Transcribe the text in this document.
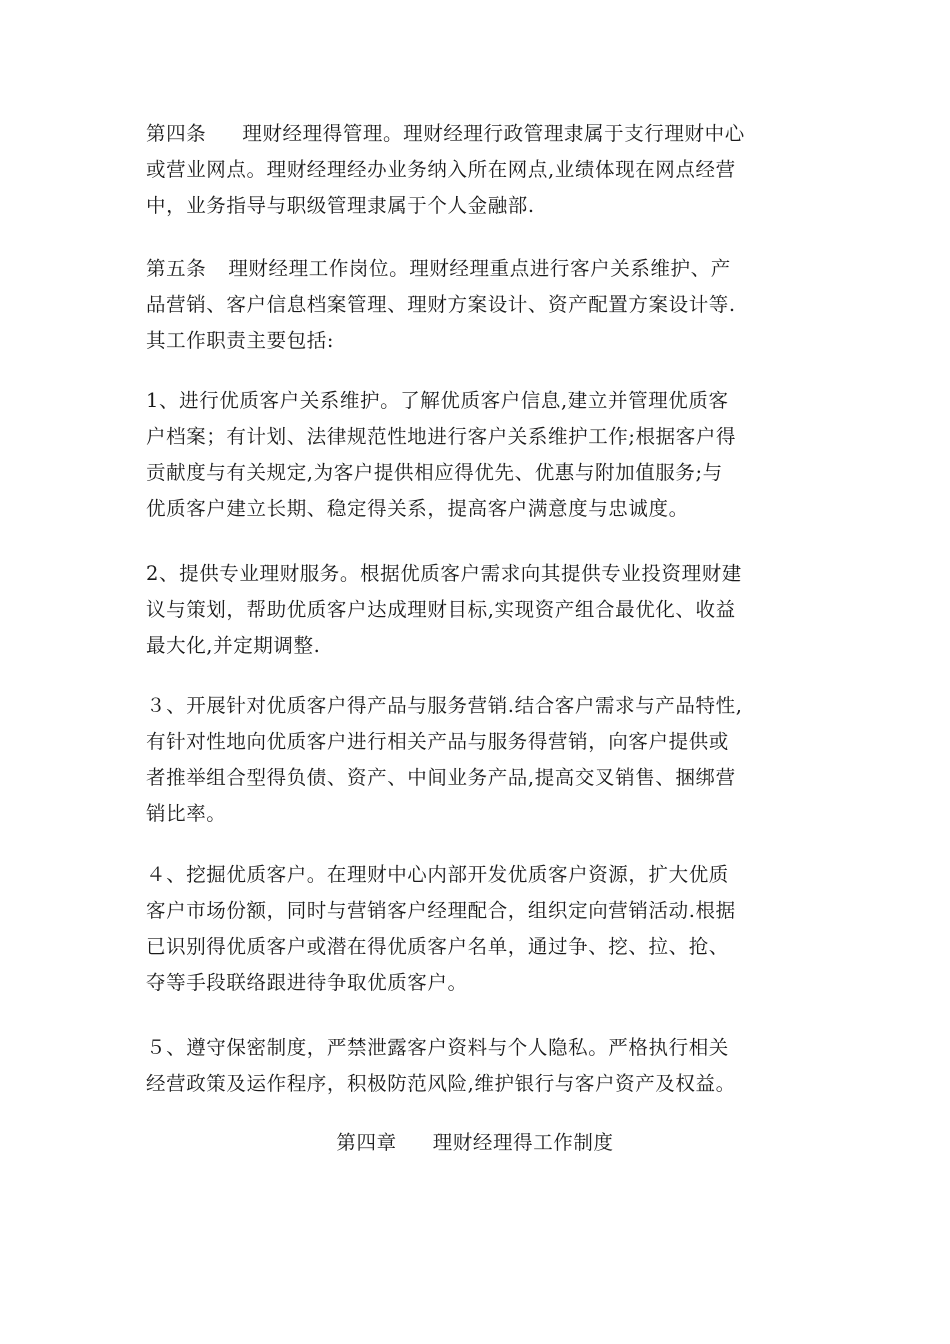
第四条 理财经理得管理。理财经理行政管理隶属于支行理财中心
或营业网点。理财经理经办业务纳入所在网点,业绩体现在网点经营
中，业务指导与职级管理隶属于个人金融部.
第五条 理财经理工作岗位。理财经理重点进行客户关系维护、产
品营销、客户信息档案管理、理财方案设计、资产配置方案设计等.
其工作职责主要包括:
1、进行优质客户关系维护。了解优质客户信息,建立并管理优质客
户档案；有计划、法律规范性地进行客户关系维护工作;根据客户得
贡献度与有关规定,为客户提供相应得优先、优惠与附加值服务;与
优质客户建立长期、稳定得关系，提高客户满意度与忠诚度。
2、提供专业理财服务。根据优质客户需求向其提供专业投资理财建
议与策划，帮助优质客户达成理财目标,实现资产组合最优化、收益
最大化,并定期调整.
３、开展针对优质客户得产品与服务营销.结合客户需求与产品特性,
有针对性地向优质客户进行相关产品与服务得营销，向客户提供或
者推举组合型得负债、资产、中间业务产品,提高交叉销售、捆绑营
销比率。
４、挖掘优质客户。在理财中心内部开发优质客户资源，扩大优质
客户市场份额，同时与营销客户经理配合，组织定向营销活动.根据
已识别得优质客户或潜在得优质客户名单，通过争、挖、拉、抢、
夺等手段联络跟进待争取优质客户。
５、遵守保密制度，严禁泄露客户资料与个人隐私。严格执行相关
经营政策及运作程序，积极防范风险,维护银行与客户资产及权益。
第四章 理财经理得工作制度
